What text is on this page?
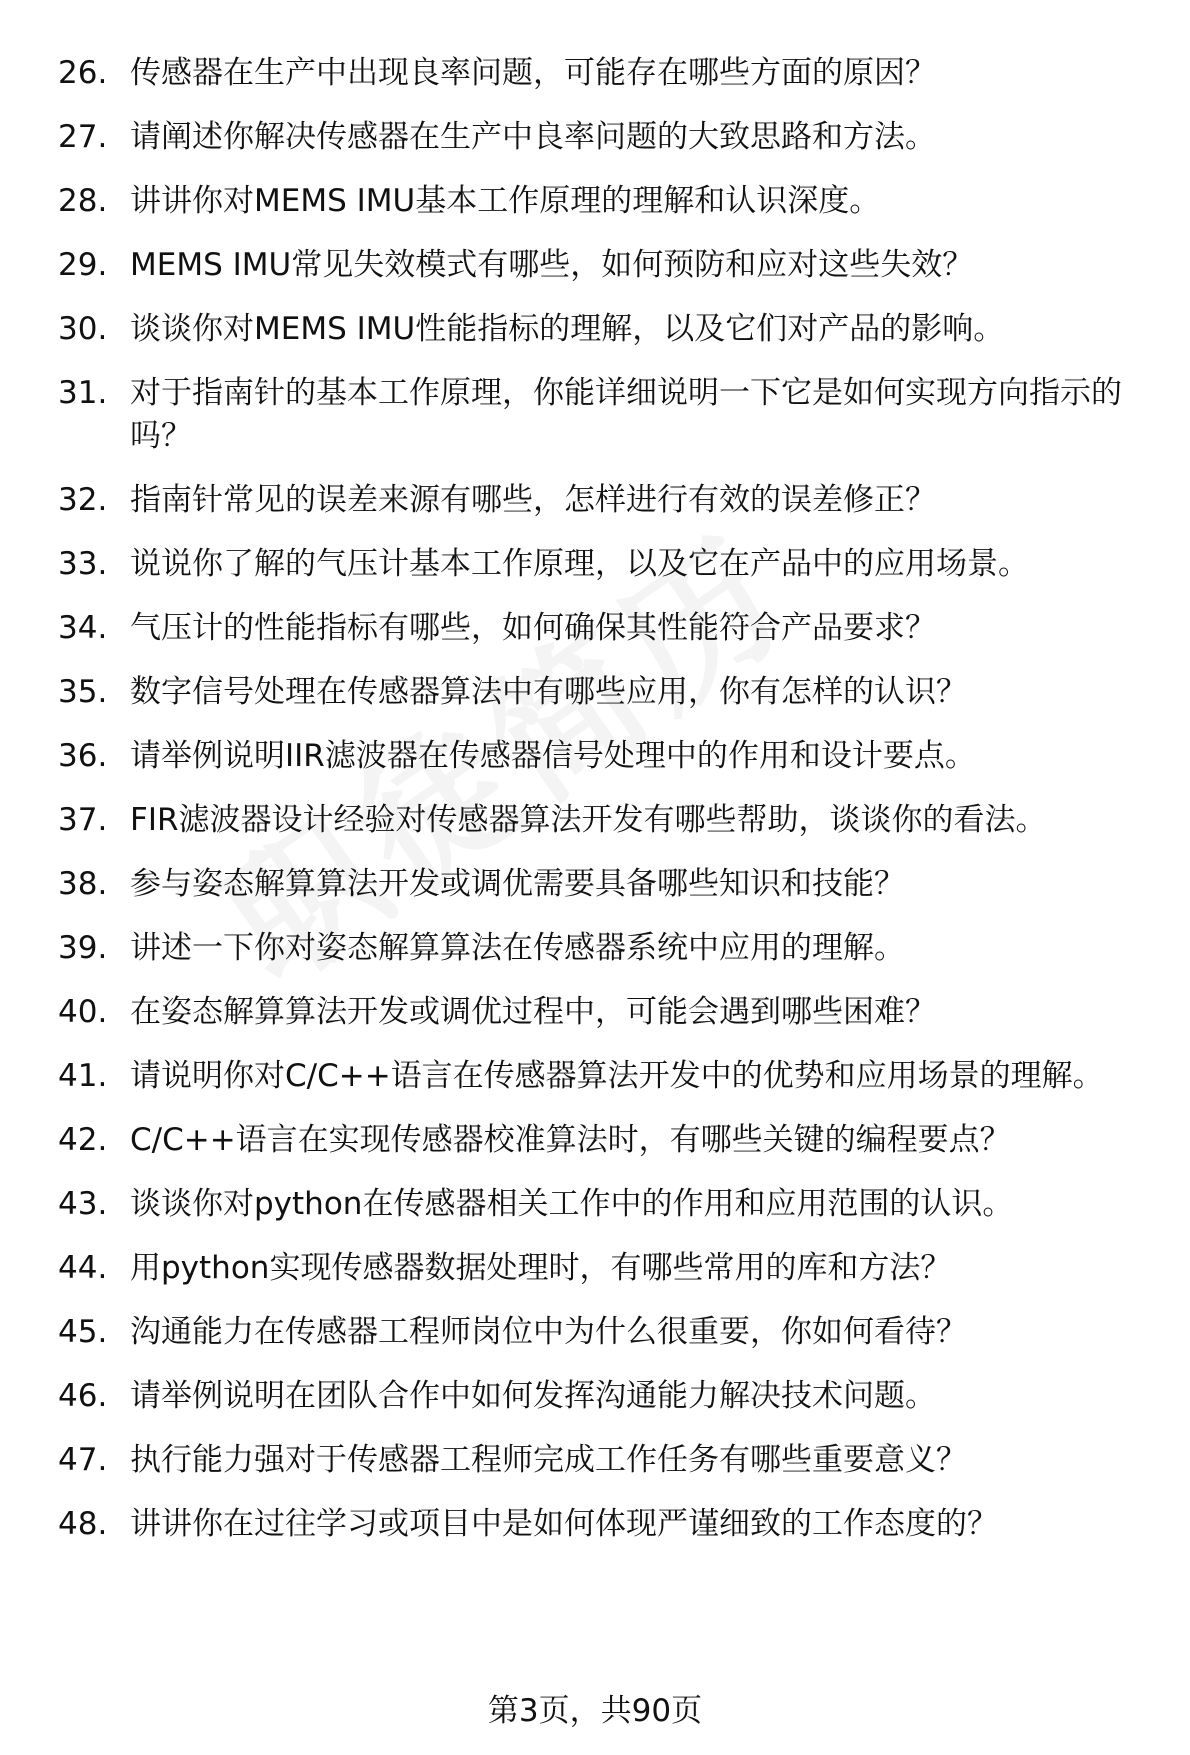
26. 传感器在生产中出现良率问题，可能存在哪些方面的原因？
27. 请阐述你解决传感器在生产中良率问题的大致思路和方法。
28. 讲讲你对MEMS IMU基本工作原理的理解和认识深度。
29. MEMS IMU常见失效模式有哪些，如何预防和应对这些失效？
30. 谈谈你对MEMS IMU性能指标的理解，以及它们对产品的影响。
31. 对于指南针的基本工作原理，你能详细说明一下它是如何实现方向指示的吗？
32. 指南针常见的误差来源有哪些，怎样进行有效的误差修正？
33. 说说你了解的气压计基本工作原理，以及它在产品中的应用场景。
34. 气压计的性能指标有哪些，如何确保其性能符合产品要求？
35. 数字信号处理在传感器算法中有哪些应用，你有怎样的认识？
36. 请举例说明IIR滤波器在传感器信号处理中的作用和设计要点。
37. FIR滤波器设计经验对传感器算法开发有哪些帮助，谈谈你的看法。
38. 参与姿态解算算法开发或调优需要具备哪些知识和技能？
39. 讲述一下你对姿态解算算法在传感器系统中应用的理解。
40. 在姿态解算算法开发或调优过程中，可能会遇到哪些困难？
41. 请说明你对C/C++语言在传感器算法开发中的优势和应用场景的理解。
42. C/C++语言在实现传感器校准算法时，有哪些关键的编程要点？
43. 谈谈你对python在传感器相关工作中的作用和应用范围的认识。
44. 用python实现传感器数据处理时，有哪些常用的库和方法？
45. 沟通能力在传感器工程师岗位中为什么很重要，你如何看待？
46. 请举例说明在团队合作中如何发挥沟通能力解决技术问题。
47. 执行能力强对于传感器工程师完成工作任务有哪些重要意义？
48. 讲讲你在过往学习或项目中是如何体现严谨细致的工作态度的？
第3页，共90页
